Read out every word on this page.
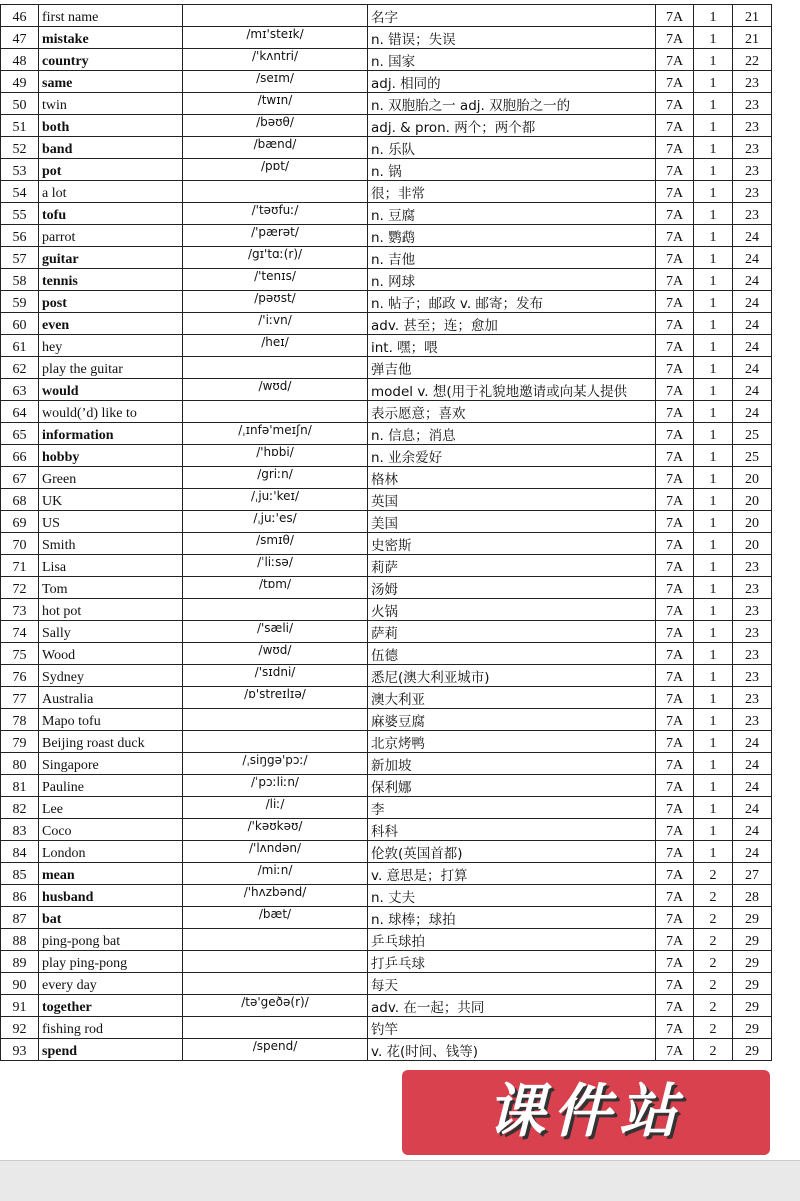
46	first name		名字	7A	1	21
47	mistake	/mɪ'steɪk/	n. 错误；失误	7A	1	21
48	country	/'kʌntri/	n. 国家	7A	1	22
49	same	/seɪm/	adj. 相同的	7A	1	23
50	twin	/twɪn/	n. 双胞胎之一 adj. 双胞胎之一的	7A	1	23
51	both	/bəʊθ/	adj. & pron. 两个；两个都	7A	1	23
52	band	/bænd/	n. 乐队	7A	1	23
53	pot	/pɒt/	n. 锅	7A	1	23
54	a lot		很；非常	7A	1	23
55	tofu	/'təʊfuː/	n. 豆腐	7A	1	23
56	parrot	/'pærət/	n. 鹦鹉	7A	1	24
57	guitar	/gɪ'tɑː(r)/	n. 吉他	7A	1	24
58	tennis	/'tenɪs/	n. 网球	7A	1	24
59	post	/pəʊst/	n. 帖子；邮政 v. 邮寄；发布	7A	1	24
60	even	/'iːvn/	adv. 甚至；连；愈加	7A	1	24
61	hey	/heɪ/	int. 嘿；喂	7A	1	24
62	play the guitar		弹吉他	7A	1	24
63	would	/wʊd/	model v. 想(用于礼貌地邀请或向某人提供	7A	1	24
64	would(’d) like to		表示愿意；喜欢	7A	1	24
65	information	/ˌɪnfə'meɪʃn/	n. 信息；消息	7A	1	25
66	hobby	/'hɒbi/	n. 业余爱好	7A	1	25
67	Green	/griːn/	格林	7A	1	20
68	UK	/ˌjuː'keɪ/	英国	7A	1	20
69	US	/ˌjuː'es/	美国	7A	1	20
70	Smith	/smɪθ/	史密斯	7A	1	20
71	Lisa	/ˈliːsə/	莉萨	7A	1	23
72	Tom	/tɒm/	汤姆	7A	1	23
73	hot pot		火锅	7A	1	23
74	Sally	/'sæli/	萨莉	7A	1	23
75	Wood	/wʊd/	伍德	7A	1	23
76	Sydney	/'sɪdni/	悉尼(澳大利亚城市)	7A	1	23
77	Australia	/ɒ'streɪlɪə/	澳大利亚	7A	1	23
78	Mapo tofu		麻婆豆腐	7A	1	23
79	Beijing roast duck		北京烤鸭	7A	1	24
80	Singapore	/ˌsiŋgə'pɔː/	新加坡	7A	1	24
81	Pauline	/ˈpɔːliːn/	保利娜	7A	1	24
82	Lee	/liː/	李	7A	1	24
83	Coco	/'kəʊkəʊ/	科科	7A	1	24
84	London	/'lʌndən/	伦敦(英国首都)	7A	1	24
85	mean	/miːn/	v. 意思是；打算	7A	2	27
86	husband	/'hʌzbənd/	n. 丈夫	7A	2	28
87	bat	/bæt/	n. 球棒；球拍	7A	2	29
88	ping-pong bat		乒乓球拍	7A	2	29
89	play ping-pong		打乒乓球	7A	2	29
90	every day		每天	7A	2	29
91	together	/tə'geðə(r)/	adv. 在一起；共同	7A	2	29
92	fishing rod		钓竿	7A	2	29
93	spend	/spend/	v. 花(时间、钱等)	7A	2	29
课件站
